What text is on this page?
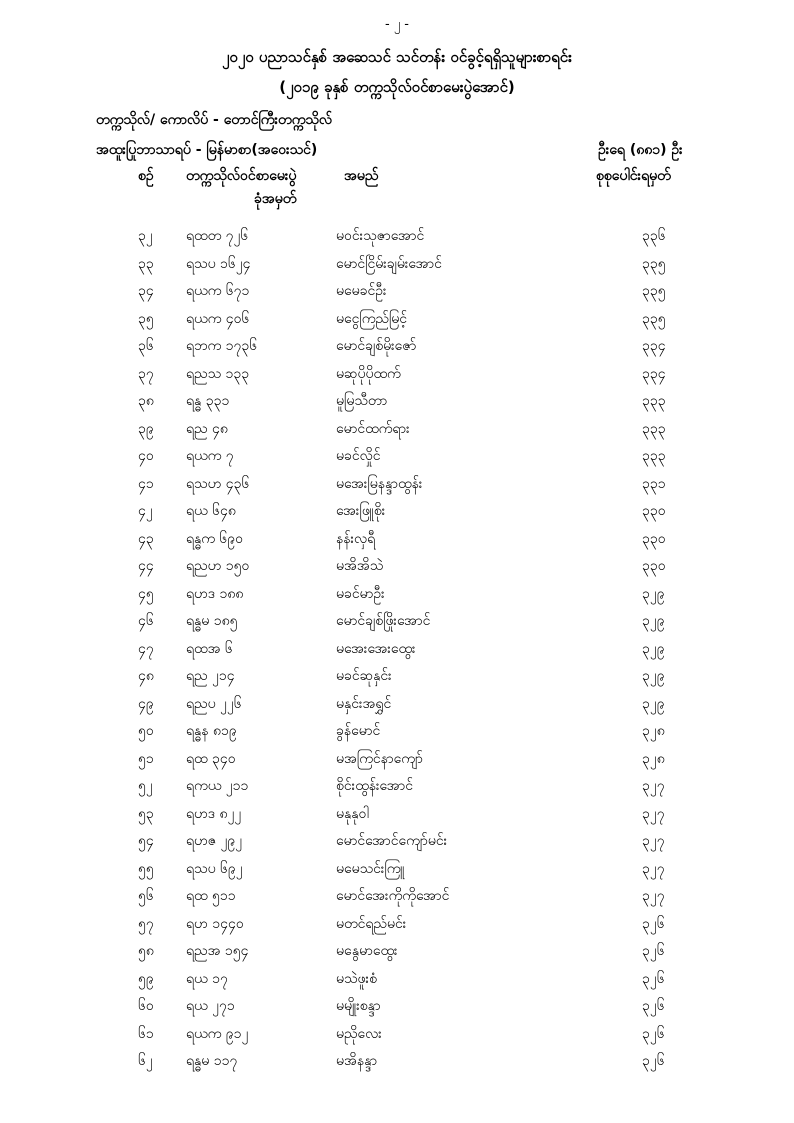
- ၂ -
၂၀၂၀ ပညာသင်နှစ် အဆေသင် သင်တန်း ဝင်ခွင့်ရရှိသူများစာရင်း
(၂၀၁၉ ခုနှစ် တက္ကသိုလ်ဝင်စာမေးပွဲအောင်)
တက္ကသိုလ်/ ကောလိပ် - တောင်ကြီးတက္ကသိုလ်
အထူးပြုဘာသာရပ် - မြန်မာစာ(အဝေးသင်)	ဦးရေ (၈၈၁) ဦး
စဉ် တက္ကသိုလ်ဝင်စာမေးပွဲ
ခုံအမှတ်
အမည်	စုစုပေါင်းရမှတ်
၃၂ ရထတ ၇၂၆	မဝင်းသုဇာအောင်	၃၃၆
၃၃ ရသပ ၁၆၂၄	မောင်ငြိမ်းချမ်းအောင်	၃၃၅
၃၄ ရယက ၆၇၁	မမေခင်ဦး	၃၃၅
၃၅ ရယက ၄၀၆	မငွေကြည်မြင့်	၃၃၅
၃၆ ရဘက ၁၇၃၆	မောင်ချစ်မိုးဇော်	၃၃၄
၃၇ ရညသ ၁၃၃	မဆုပိုပိုထက်	၃၃၄
၃၈ ရန္ဓ ၃၃၁	မူမြသီတာ	၃၃၃
၃၉ ရည ၄၈	မောင်ထက်ရား	၃၃၃
၄၀ ရယက ၇	မခင်လှိုင်	၃၃၃
၄၁ ရသဟ ၄၃၆	မအေးမြနန္ဒာထွန်း	၃၃၁
၄၂ ရယ ၆၄၈	အေးဖြူစိုး	၃၃၀
၄၃ ရန္ဓက ၆၉၀	နန်းလှရီ	၃၃၀
၄၄ ရညဟ ၁၅၀	မအိအိသဲ	၃၃၀
၄၅ ရဟဒ ၁၈၈	မခင်မာဦး	၃၂၉
၄၆ ရန္ဓမ ၁၈၅	မောင်ချစ်ဖြိုးအောင်	၃၂၉
၄၇ ရထအ ၆	မအေးအေးထွေး	၃၂၉
၄၈ ရည ၂၁၄	မခင်ဆုနှင်း	၃၂၉
၄၉ ရညပ ၂၂၆	မနှင်းအရွှင်	၃၂၉
၅၀ ရန္ဓန ၈၁၉	ခွန်မောင်	၃၂၈
၅၁ ရထ ၃၄၀	မအကြင်နာကျော်	၃၂၈
၅၂ ရကယ ၂၁၁	စိုင်းထွန်းအောင်	၃၂၇
၅၃ ရဟဒ ၈၂၂	မနုနုဝါ	၃၂၇
၅၄ ရဟဇ ၂၉၂	မောင်အောင်ကျော်မင်း	၃၂၇
၅၅ ရသပ ၆၉၂	မမေသင်းကြူ	၃၂၇
၅၆ ရထ ၅၁၁	မောင်အေးကိုကိုအောင်	၃၂၇
၅၇ ရဟ ၁၄၄၀	မတင်ရည်မင်း	၃၂၆
၅၈ ရညအ ၁၅၄	မနွေမာထွေး	၃၂၆
၅၉ ရယ ၁၇	မသဲဖူးစံ	၃၂၆
၆၀ ရယ ၂၇၁	မမျိုးစန္ဒာ	၃၂၆
၆၁ ရယက ၉၁၂	မညိုလေး	၃၂၆
၆၂ ရန္ဓမ ၁၁၇	မအိနန္ဒာ	၃၂၆
